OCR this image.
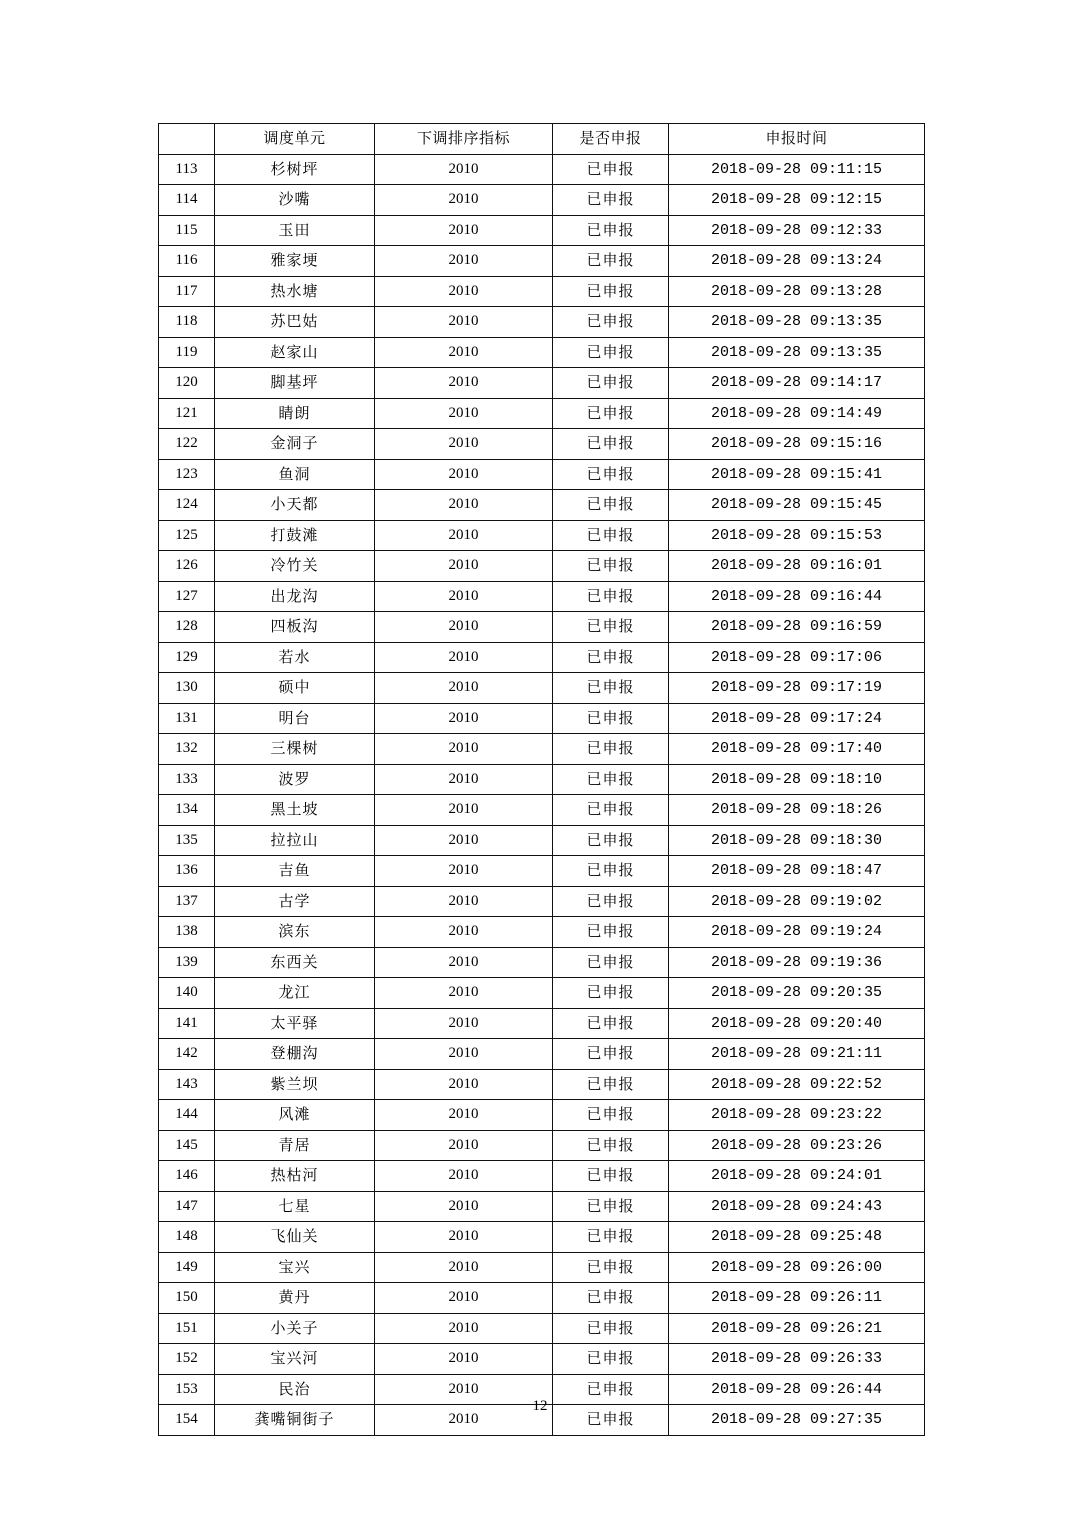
	调度单元	下调排序指标	是否申报	申报时间
113	杉树坪	2010	已申报	2018-09-28 09:11:15
114	沙嘴	2010	已申报	2018-09-28 09:12:15
115	玉田	2010	已申报	2018-09-28 09:12:33
116	雅家埂	2010	已申报	2018-09-28 09:13:24
117	热水塘	2010	已申报	2018-09-28 09:13:28
118	苏巴姑	2010	已申报	2018-09-28 09:13:35
119	赵家山	2010	已申报	2018-09-28 09:13:35
120	脚基坪	2010	已申报	2018-09-28 09:14:17
121	睛朗	2010	已申报	2018-09-28 09:14:49
122	金洞子	2010	已申报	2018-09-28 09:15:16
123	鱼洞	2010	已申报	2018-09-28 09:15:41
124	小天都	2010	已申报	2018-09-28 09:15:45
125	打鼓滩	2010	已申报	2018-09-28 09:15:53
126	冷竹关	2010	已申报	2018-09-28 09:16:01
127	出龙沟	2010	已申报	2018-09-28 09:16:44
128	四板沟	2010	已申报	2018-09-28 09:16:59
129	若水	2010	已申报	2018-09-28 09:17:06
130	硕中	2010	已申报	2018-09-28 09:17:19
131	明台	2010	已申报	2018-09-28 09:17:24
132	三棵树	2010	已申报	2018-09-28 09:17:40
133	波罗	2010	已申报	2018-09-28 09:18:10
134	黑土坡	2010	已申报	2018-09-28 09:18:26
135	拉拉山	2010	已申报	2018-09-28 09:18:30
136	吉鱼	2010	已申报	2018-09-28 09:18:47
137	古学	2010	已申报	2018-09-28 09:19:02
138	滨东	2010	已申报	2018-09-28 09:19:24
139	东西关	2010	已申报	2018-09-28 09:19:36
140	龙江	2010	已申报	2018-09-28 09:20:35
141	太平驿	2010	已申报	2018-09-28 09:20:40
142	登棚沟	2010	已申报	2018-09-28 09:21:11
143	紫兰坝	2010	已申报	2018-09-28 09:22:52
144	风滩	2010	已申报	2018-09-28 09:23:22
145	青居	2010	已申报	2018-09-28 09:23:26
146	热枯河	2010	已申报	2018-09-28 09:24:01
147	七星	2010	已申报	2018-09-28 09:24:43
148	飞仙关	2010	已申报	2018-09-28 09:25:48
149	宝兴	2010	已申报	2018-09-28 09:26:00
150	黄丹	2010	已申报	2018-09-28 09:26:11
151	小关子	2010	已申报	2018-09-28 09:26:21
152	宝兴河	2010	已申报	2018-09-28 09:26:33
153	民治	2010	已申报	2018-09-28 09:26:44
154	龚嘴铜街子	2010	已申报	2018-09-28 09:27:35
12
